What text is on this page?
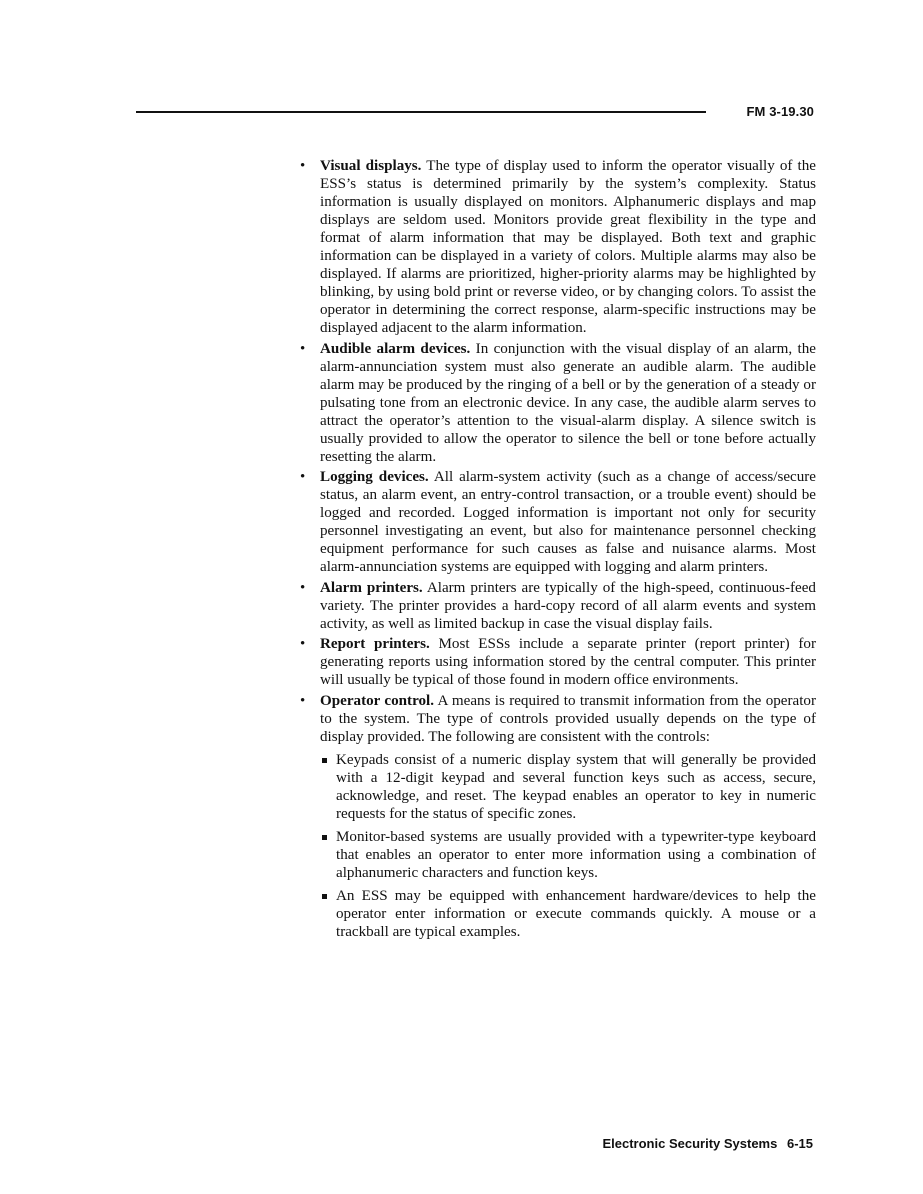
FM 3-19.30
• Visual displays. The type of display used to inform the operator visually of the ESS’s status is determined primarily by the system’s complexity. Status information is usually displayed on monitors. Alphanumeric displays and map displays are seldom used. Monitors provide great flexibility in the type and format of alarm information that may be displayed. Both text and graphic information can be displayed in a variety of colors. Multiple alarms may also be displayed. If alarms are prioritized, higher-priority alarms may be highlighted by blinking, by using bold print or reverse video, or by changing colors. To assist the operator in determining the correct response, alarm-specific instructions may be displayed adjacent to the alarm information.
• Audible alarm devices. In conjunction with the visual display of an alarm, the alarm-annunciation system must also generate an audible alarm. The audible alarm may be produced by the ringing of a bell or by the generation of a steady or pulsating tone from an electronic device. In any case, the audible alarm serves to attract the operator’s attention to the visual-alarm display. A silence switch is usually provided to allow the operator to silence the bell or tone before actually resetting the alarm.
• Logging devices. All alarm-system activity (such as a change of access/secure status, an alarm event, an entry-control transaction, or a trouble event) should be logged and recorded. Logged information is important not only for security personnel investigating an event, but also for maintenance personnel checking equipment performance for such causes as false and nuisance alarms. Most alarm-annunciation systems are equipped with logging and alarm printers.
• Alarm printers. Alarm printers are typically of the high-speed, continuous-feed variety. The printer provides a hard-copy record of all alarm events and system activity, as well as limited backup in case the visual display fails.
• Report printers. Most ESSs include a separate printer (report printer) for generating reports using information stored by the central computer. This printer will usually be typical of those found in modern office environments.
• Operator control. A means is required to transmit information from the operator to the system. The type of controls provided usually depends on the type of display provided. The following are consistent with the controls:
Keypads consist of a numeric display system that will generally be provided with a 12-digit keypad and several function keys such as access, secure, acknowledge, and reset. The keypad enables an operator to key in numeric requests for the status of specific zones.
Monitor-based systems are usually provided with a typewriter-type keyboard that enables an operator to enter more information using a combination of alphanumeric characters and function keys.
An ESS may be equipped with enhancement hardware/devices to help the operator enter information or execute commands quickly. A mouse or a trackball are typical examples.
Electronic Security Systems 6-15
